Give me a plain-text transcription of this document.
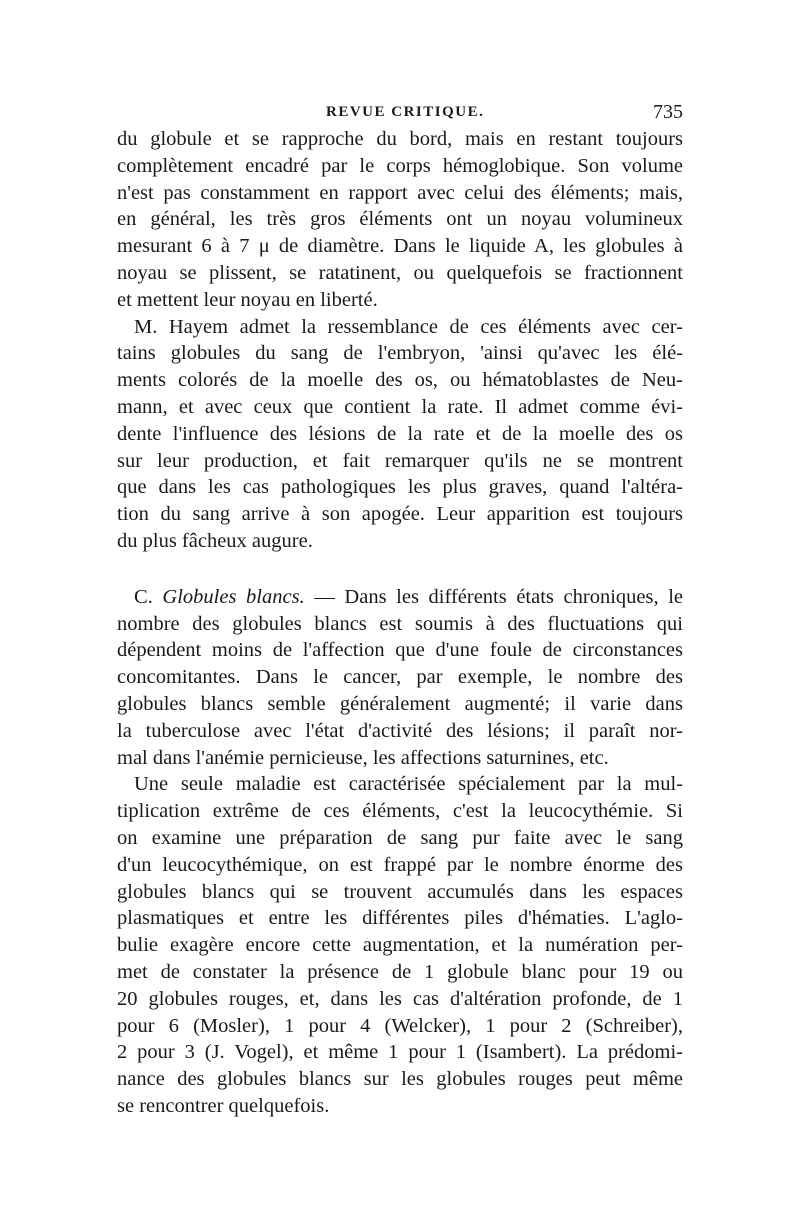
REVUE CRITIQUE.	735
du globule et se rapproche du bord, mais en restant toujours
complètement encadré par le corps hémoglobique. Son volume
n'est pas constamment en rapport avec celui des éléments; mais,
en général, les très gros éléments ont un noyau volumineux
mesurant 6 à 7 μ de diamètre. Dans le liquide A, les globules à
noyau se plissent, se ratatinent, ou quelquefois se fractionnent
et mettent leur noyau en liberté.
M. Hayem admet la ressemblance de ces éléments avec cer-
tains globules du sang de l'embryon, 'ainsi qu'avec les élé-
ments colorés de la moelle des os, ou hématoblastes de Neu-
mann, et avec ceux que contient la rate. Il admet comme évi-
dente l'influence des lésions de la rate et de la moelle des os
sur leur production, et fait remarquer qu'ils ne se montrent
que dans les cas pathologiques les plus graves, quand l'altéra-
tion du sang arrive à son apogée. Leur apparition est toujours
du plus fâcheux augure.
C. Globules blancs. — Dans les différents états chroniques, le
nombre des globules blancs est soumis à des fluctuations qui
dépendent moins de l'affection que d'une foule de circonstances
concomitantes. Dans le cancer, par exemple, le nombre des
globules blancs semble généralement augmenté; il varie dans
la tuberculose avec l'état d'activité des lésions; il paraît nor-
mal dans l'anémie pernicieuse, les affections saturnines, etc.
Une seule maladie est caractérisée spécialement par la mul-
tiplication extrême de ces éléments, c'est la leucocythémie. Si
on examine une préparation de sang pur faite avec le sang
d'un leucocythémique, on est frappé par le nombre énorme des
globules blancs qui se trouvent accumulés dans les espaces
plasmatiques et entre les différentes piles d'hématies. L'aglo-
bulie exagère encore cette augmentation, et la numération per-
met de constater la présence de 1 globule blanc pour 19 ou
20 globules rouges, et, dans les cas d'altération profonde, de 1
pour 6 (Mosler), 1 pour 4 (Welcker), 1 pour 2 (Schreiber),
2 pour 3 (J. Vogel), et même 1 pour 1 (Isambert). La prédomi-
nance des globules blancs sur les globules rouges peut même
se rencontrer quelquefois.
